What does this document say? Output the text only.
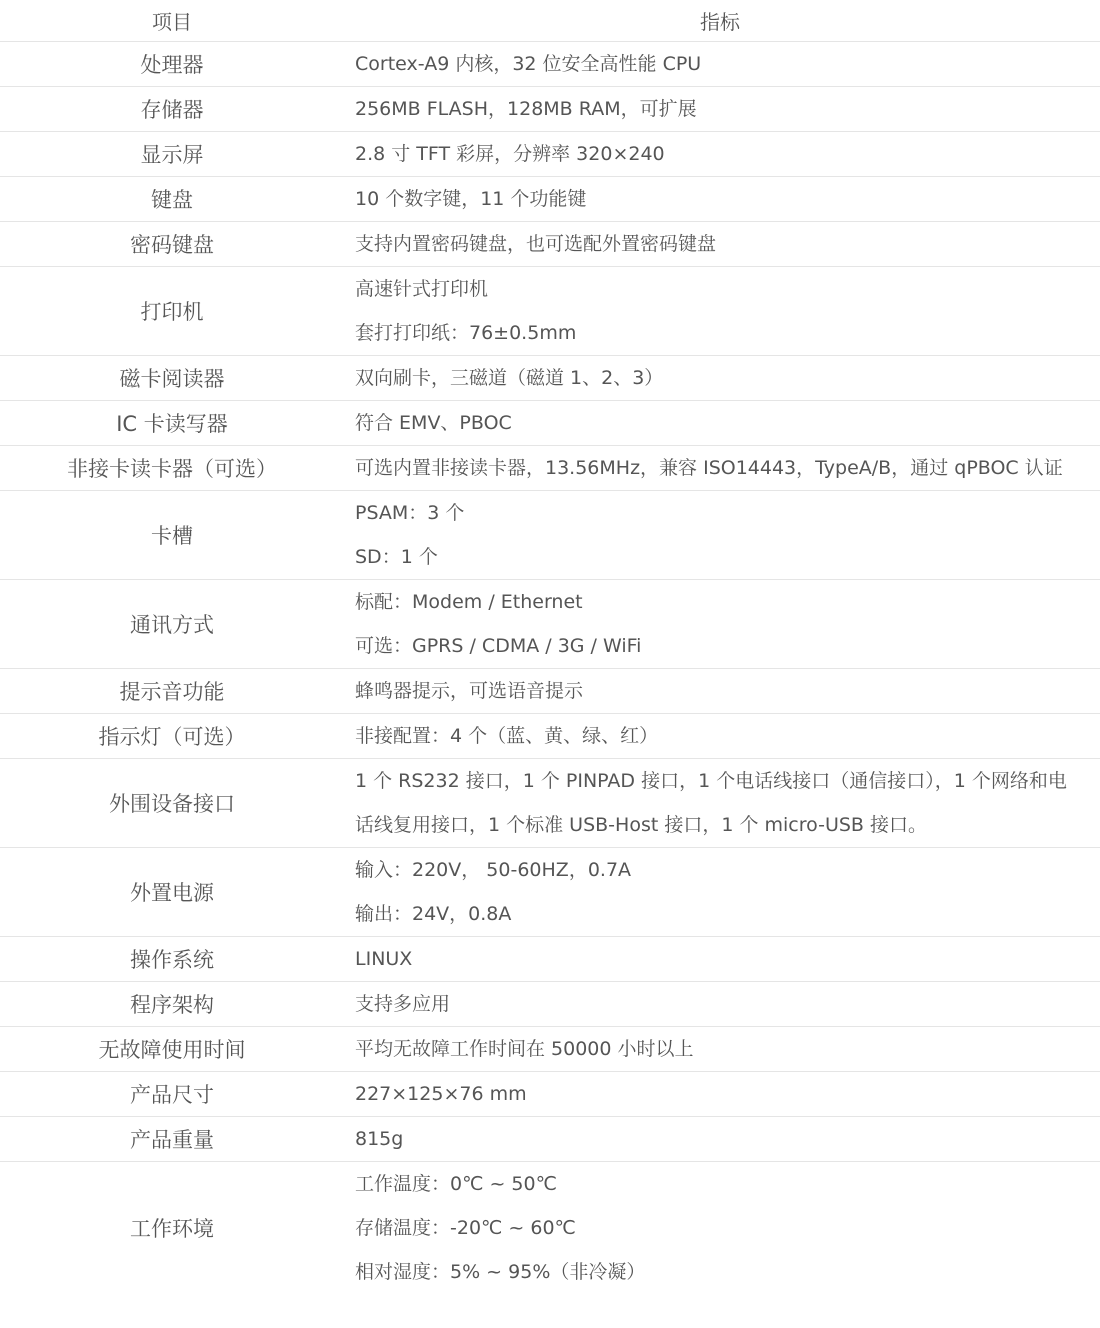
项目	指标
处理器	Cortex-A9 内核，32 位安全高性能 CPU

存储器	256MB FLASH，128MB RAM，可扩展

显示屏	2.8 寸 TFT 彩屏，分辨率 320×240

键盘	10 个数字键，11 个功能键

密码键盘	支持内置密码键盘，也可选配外置密码键盘

打印机	高速针式打印机
套打打印纸：76±0.5mm

磁卡阅读器	双向刷卡，三磁道（磁道 1、2、3）

IC 卡读写器	符合 EMV、PBOC

非接卡读卡器（可选）	可选内置非接读卡器，13.56MHz，兼容 ISO14443，TypeA/B，通过 qPBOC 认证

卡槽	PSAM：3 个
SD：1 个

通讯方式	标配：Modem / Ethernet
可选：GPRS / CDMA / 3G / WiFi

提示音功能	蜂鸣器提示，可选语音提示

指示灯（可选）	非接配置：4 个（蓝、黄、绿、红）

外围设备接口	1 个 RS232 接口，1 个 PINPAD 接口，1 个电话线接口（通信接口），1 个网络和电
话线复用接口，1 个标准 USB-Host 接口，1 个 micro-USB 接口。

外置电源	输入：220V， 50-60HZ，0.7A
输出：24V，0.8A

操作系统	LINUX

程序架构	支持多应用

无故障使用时间	平均无故障工作时间在 50000 小时以上

产品尺寸	227×125×76 mm

产品重量	815g

工作环境	工作温度：0℃ ~ 50℃
存储温度：-20℃ ~ 60℃
相对湿度：5% ~ 95%（非冷凝）
